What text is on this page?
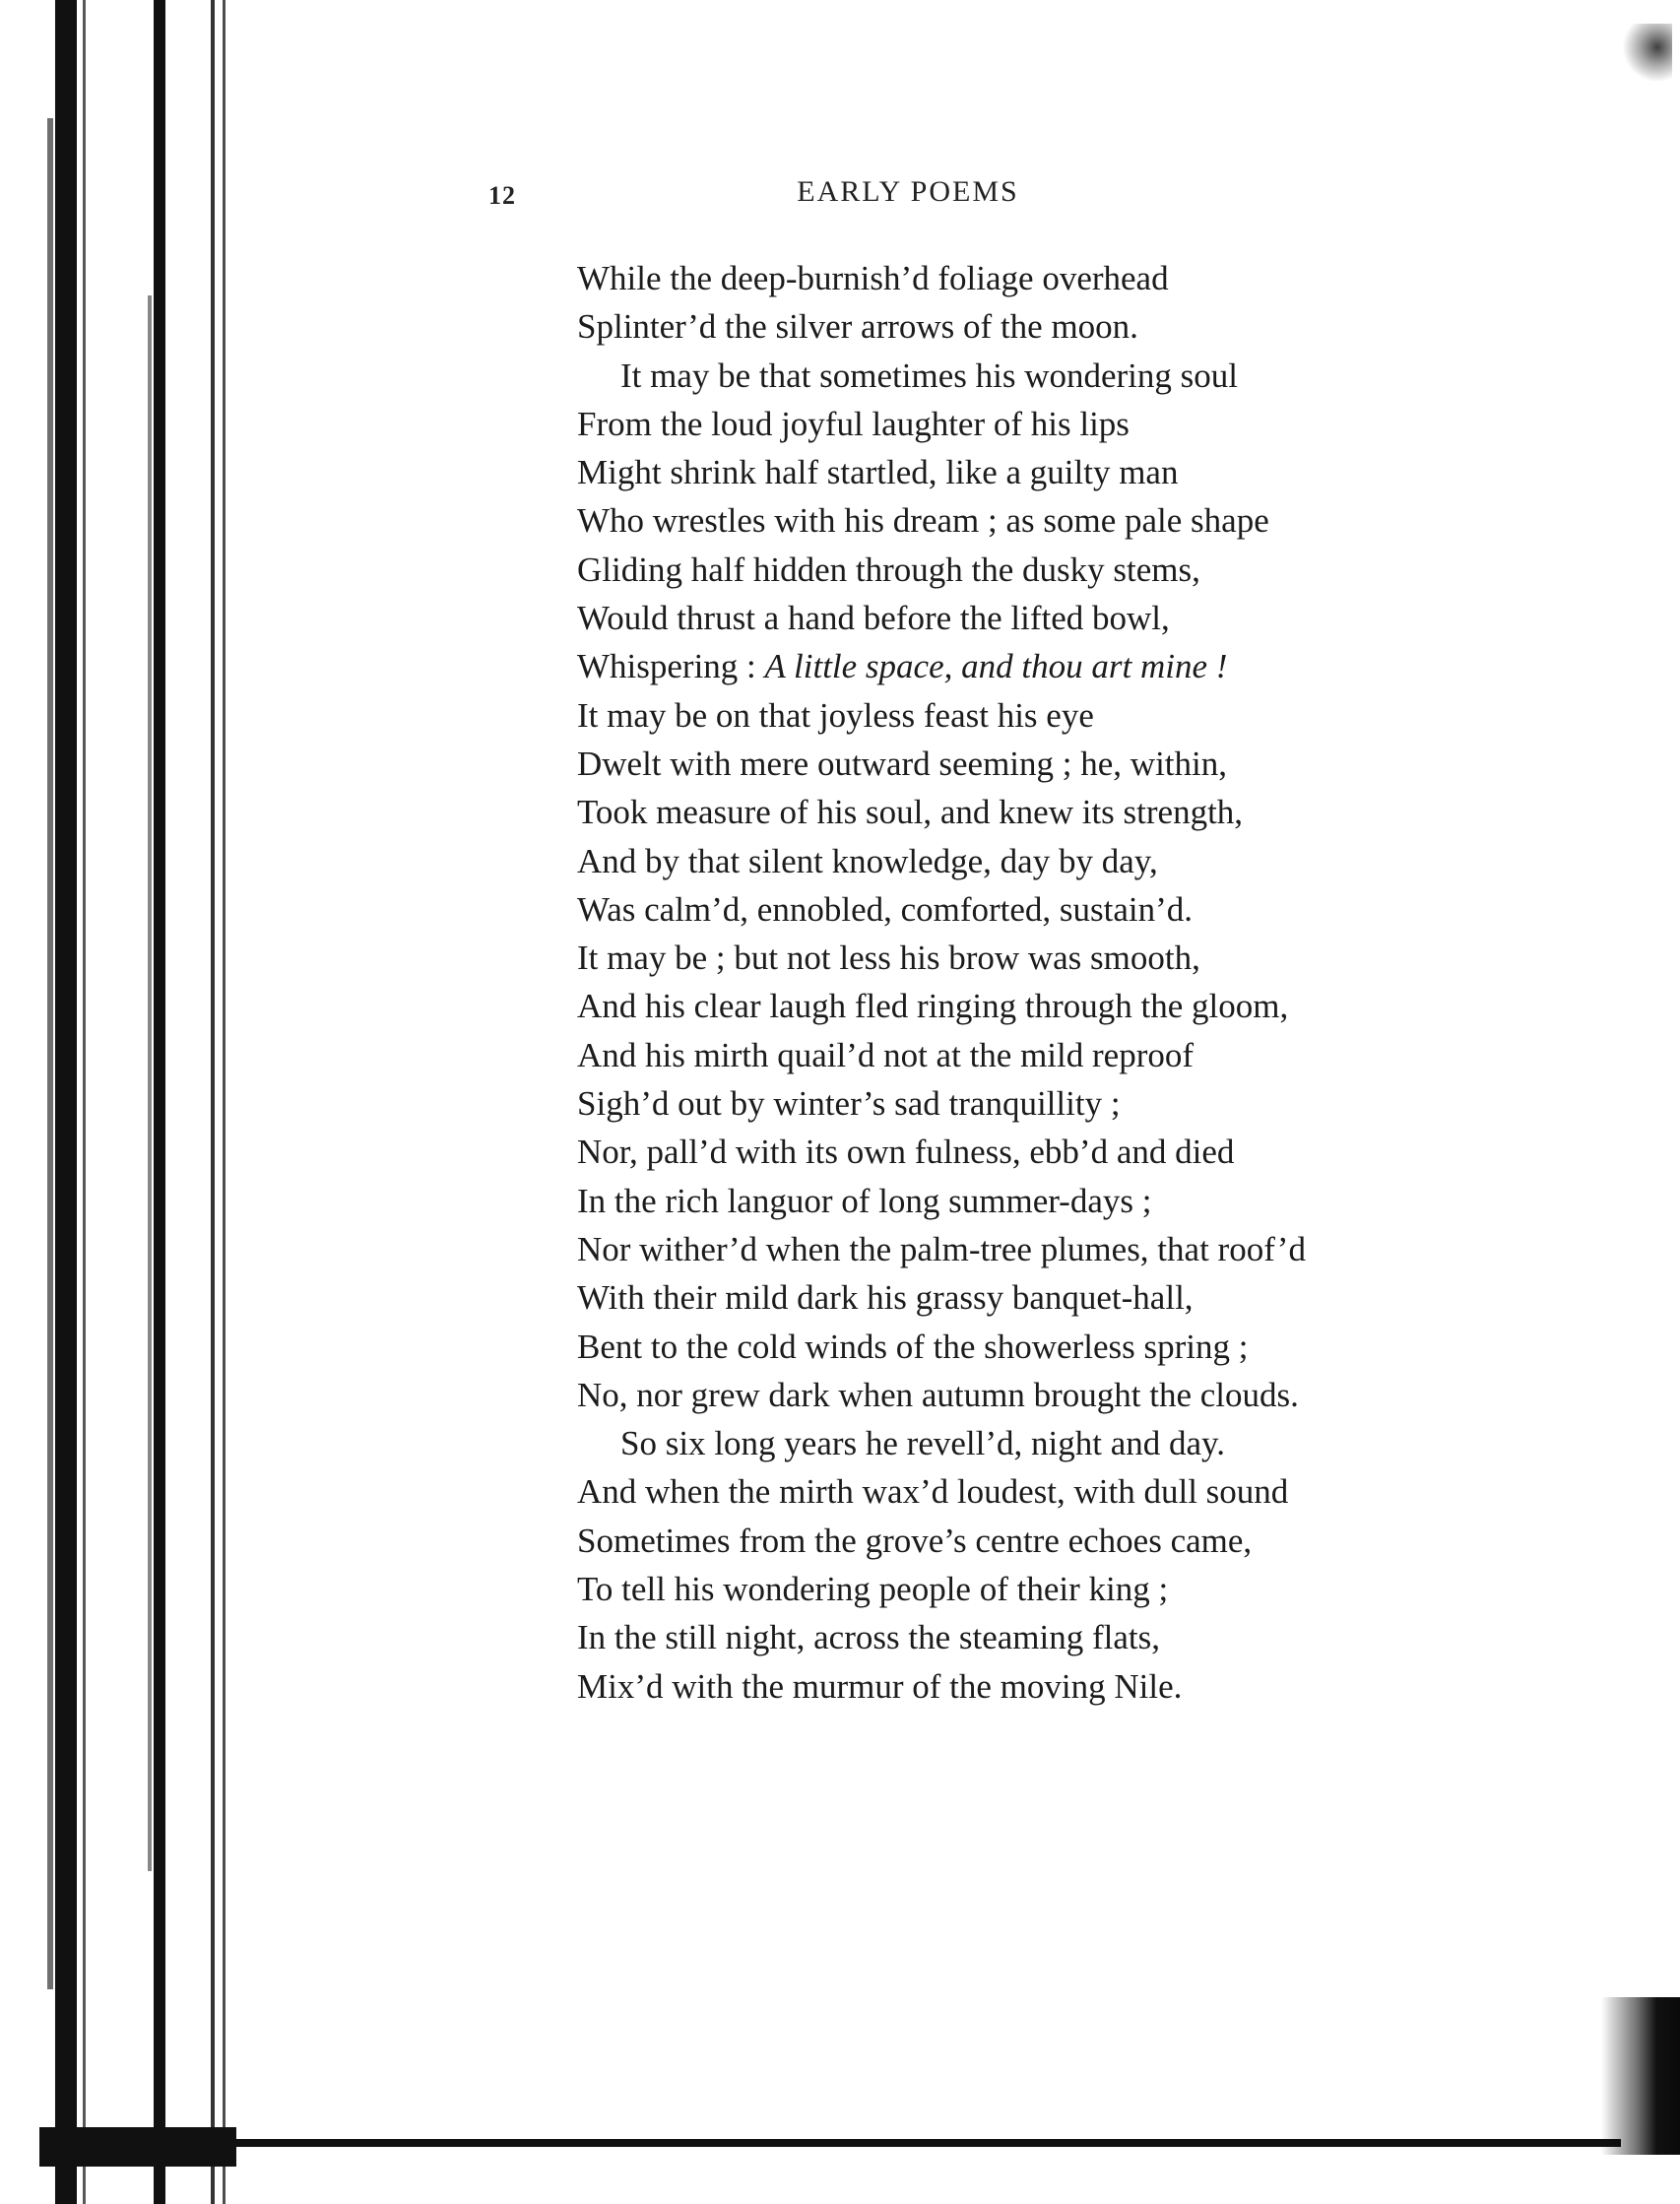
12	EARLY POEMS
While the deep-burnish’d foliage overhead
Splinter’d the silver arrows of the moon.
It may be that sometimes his wondering soul
From the loud joyful laughter of his lips
Might shrink half startled, like a guilty man
Who wrestles with his dream ; as some pale shape
Gliding half hidden through the dusky stems,
Would thrust a hand before the lifted bowl,
Whispering : A little space, and thou art mine !
It may be on that joyless feast his eye
Dwelt with mere outward seeming ; he, within,
Took measure of his soul, and knew its strength,
And by that silent knowledge, day by day,
Was calm’d, ennobled, comforted, sustain’d.
It may be ; but not less his brow was smooth,
And his clear laugh fled ringing through the gloom,
And his mirth quail’d not at the mild reproof
Sigh’d out by winter’s sad tranquillity ;
Nor, pall’d with its own fulness, ebb’d and died
In the rich languor of long summer-days ;
Nor wither’d when the palm-tree plumes, that roof’d
With their mild dark his grassy banquet-hall,
Bent to the cold winds of the showerless spring ;
No, nor grew dark when autumn brought the clouds.
So six long years he revell’d, night and day.
And when the mirth wax’d loudest, with dull sound
Sometimes from the grove’s centre echoes came,
To tell his wondering people of their king ;
In the still night, across the steaming flats,
Mix’d with the murmur of the moving Nile.
